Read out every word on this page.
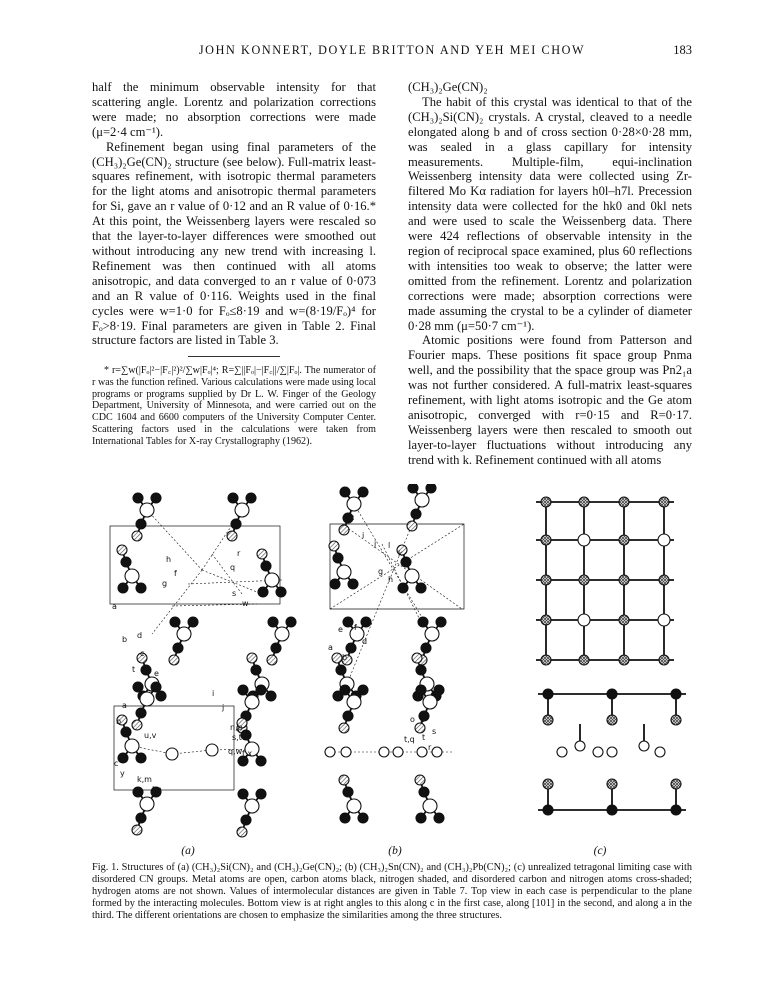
JOHN KONNERT, DOYLE BRITTON AND YEH MEI CHOW	183

half the minimum observable intensity for that scattering angle. Lorentz and polarization corrections were made; no absorption corrections were made (μ=2·4 cm⁻¹).

Refinement began using final parameters of the (CH₃)₂Ge(CN)₂ structure (see below). Full-matrix least-squares refinement, with isotropic thermal parameters for the light atoms and anisotropic thermal parameters for Si, gave an r value of 0·12 and an R value of 0·16.* At this point, the Weissenberg layers were rescaled so that the layer-to-layer differences were smoothed out without introducing any new trend with increasing l. Refinement was then continued with all atoms anisotropic, and data converged to an r value of 0·073 and an R value of 0·116. Weights used in the final cycles were w=1·0 for Fₒ≤8·19 and w=(8·19/Fₒ)⁴ for Fₒ>8·19. Final parameters are given in Table 2. Final structure factors are listed in Table 3.

* r=∑w(|Fₒ|²−|F꜀|²)²/∑w|Fₒ|⁴; R=∑||Fₒ|−|F꜀||/∑|Fₒ|. The numerator of r was the function refined. Various calculations were made using local programs or programs supplied by Dr L. W. Finger of the Geology Department, University of Minnesota, and were carried out on the CDC 1604 and 6600 computers of the University Computer Center. Scattering factors used in the calculations were taken from International Tables for X-ray Crystallography (1962).

(CH₃)₂Ge(CN)₂

The habit of this crystal was identical to that of the (CH₃)₂Si(CN)₂ crystals. A crystal, cleaved to a needle elongated along b and of cross section 0·28×0·28 mm, was sealed in a glass capillary for intensity measurements. Multiple-film, equi-inclination Weissenberg intensity data were collected using Zr-filtered Mo Kα radiation for layers h0l–h7l. Precession intensity data were collected for the hk0 and 0kl nets and were used to scale the Weissenberg data. There were 424 reflections of observable intensity in the region of reciprocal space examined, plus 60 reflections with intensities too weak to observe; the latter were omitted from the refinement. Lorentz and polarization corrections were made; absorption corrections were made assuming the crystal to be a cylinder of diameter 0·28 mm (μ=50·7 cm⁻¹).

Atomic positions were found from Patterson and Fourier maps. These positions fit space group Pnma well, and the possibility that the space group was Pn2₁a was not further considered. A full-matrix least-squares refinement, with light atoms isotropic and the Ge atom anisotropic, converged with r=0·15 and R=0·17. Weissenberg layers were then rescaled to smooth out layer-to-layer fluctuations without introducing any trend with k. Refinement continued with all atoms

h
f
g
q
r
s
w
d
b
a
c
e
t
u,v
n,p
s,t
q,w f,x
k,m
l,n
a
b
c
y
i
j
c
i
j
g
h
e f
d
a
b
o p
s
t
t,q
r
l
k
(a)	(b)	(c)
Fig. 1. Structures of (a) (CH₃)₂Si(CN)₂ and (CH₃)₂Ge(CN)₂; (b) (CH₃)₂Sn(CN)₂ and (CH₃)₂Pb(CN)₂; (c) unrealized tetragonal limiting case with disordered CN groups. Metal atoms are open, carbon atoms black, nitrogen shaded, and disordered carbon and nitrogen atoms cross-shaded; hydrogen atoms are not shown. Values of intermolecular distances are given in Table 7. Top view in each case is perpendicular to the plane formed by the interacting molecules. Bottom view is at right angles to this along c in the first case, along [101] in the second, and along a in the third. The different orientations are chosen to emphasize the similarities among the three structures.
